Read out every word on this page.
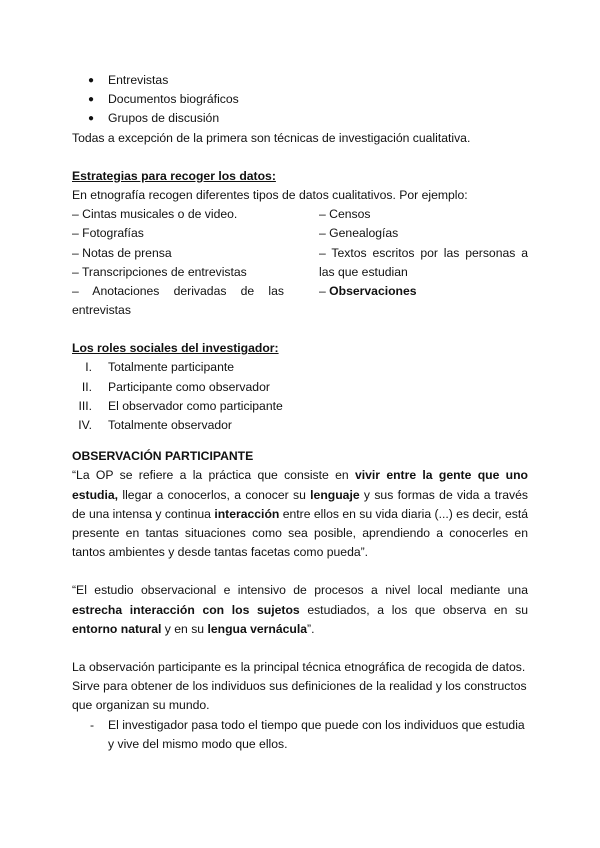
● Entrevistas
● Documentos biográficos
● Grupos de discusión
Todas a excepción de la primera son técnicas de investigación cualitativa.
Estrategias para recoger los datos:
En etnografía recogen diferentes tipos de datos cualitativos. Por ejemplo:
– Cintas musicales o de video.
– Fotografías
– Notas de prensa
– Transcripciones de entrevistas
– Anotaciones derivadas de las
entrevistas
– Censos
– Genealogías
– Textos escritos por las personas a
las que estudian
– Observaciones
Los roles sociales del investigador:
I. Totalmente participante
II. Participante como observador
III. El observador como participante
IV. Totalmente observador
OBSERVACIÓN PARTICIPANTE
“La OP se refiere a la práctica que consiste en vivir entre la gente que uno estudia, llegar a conocerlos, a conocer su lenguaje y sus formas de vida a través de una intensa y continua interacción entre ellos en su vida diaria (...) es decir, está presente en tantas situaciones como sea posible, aprendiendo a conocerles en tantos ambientes y desde tantas facetas como pueda”.
“El estudio observacional e intensivo de procesos a nivel local mediante una estrecha interacción con los sujetos estudiados, a los que observa en su entorno natural y en su lengua vernácula”.
La observación participante es la principal técnica etnográfica de recogida de datos. Sirve para obtener de los individuos sus definiciones de la realidad y los constructos que organizan su mundo.
- El investigador pasa todo el tiempo que puede con los individuos que estudia y vive del mismo modo que ellos.
